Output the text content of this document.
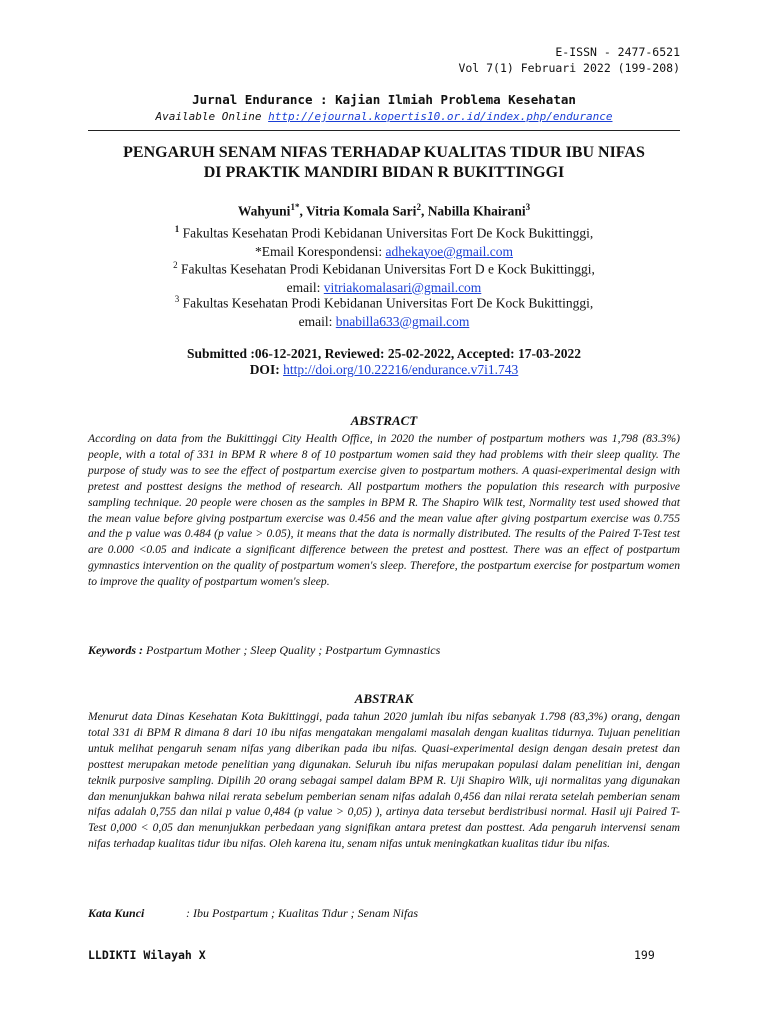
E-ISSN - 2477-6521
Vol 7(1) Februari 2022 (199-208)
Jurnal Endurance : Kajian Ilmiah Problema Kesehatan
Available Online http://ejournal.kopertis10.or.id/index.php/endurance
PENGARUH SENAM NIFAS TERHADAP KUALITAS TIDUR IBU NIFAS
DI PRAKTIK MANDIRI BIDAN R BUKITTINGGI
Wahyuni$^{1*}$, Vitria Komala Sari$^2$, Nabilla Khairani$^3$
$^1$ Fakultas Kesehatan Prodi Kebidanan Universitas Fort De Kock Bukittinggi,
*Email Korespondensi: adhekayoe@gmail.com
$^2$ Fakultas Kesehatan Prodi Kebidanan Universitas Fort D e Kock Bukittinggi,
email: vitriakomalasari@gmail.com
$^3$ Fakultas Kesehatan Prodi Kebidanan Universitas Fort De Kock Bukittinggi,
email: bnabilla633@gmail.com
Submitted :06-12-2021, Reviewed: 25-02-2022, Accepted: 17-03-2022
DOI: http://doi.org/10.22216/endurance.v7i1.743
ABSTRACT
According on data from the Bukittinggi City Health Office, in 2020 the number of postpartum mothers was 1,798 (83.3%) people, with a total of 331 in BPM R where 8 of 10 postpartum women said they had problems with their sleep quality. The purpose of study was to see the effect of postpartum exercise given to postpartum mothers. A quasi-experimental design with pretest and posttest designs the method of research. All postpartum mothers the population this research with purposive sampling technique. 20 people were chosen as the samples in BPM R. The Shapiro Wilk test, Normality test used showed that the mean value before giving postpartum exercise was 0.456 and the mean value after giving postpartum exercise was 0.755 and the p value was 0.484 (p value > 0.05), it means that the data is normally distributed. The results of the Paired T-Test test are 0.000 <0.05 and indicate a significant difference between the pretest and posttest. There was an effect of postpartum gymnastics intervention on the quality of postpartum women's sleep. Therefore, the postpartum exercise for postpartum women to improve the quality of postpartum women's sleep.
Keywords : Postpartum Mother ; Sleep Quality ; Postpartum Gymnastics
ABSTRAK
Menurut data Dinas Kesehatan Kota Bukittinggi, pada tahun 2020 jumlah ibu nifas sebanyak 1.798 (83,3%) orang, dengan total 331 di BPM R dimana 8 dari 10 ibu nifas mengatakan mengalami masalah dengan kualitas tidurnya. Tujuan penelitian untuk melihat pengaruh senam nifas yang diberikan pada ibu nifas. Quasi-experimental design dengan desain pretest dan posttest merupakan metode penelitian yang digunakan. Seluruh ibu nifas merupakan populasi dalam penelitian ini, dengan teknik purposive sampling. Dipilih 20 orang sebagai sampel dalam BPM R. Uji Shapiro Wilk, uji normalitas yang digunakan dan menunjukkan bahwa nilai rerata sebelum pemberian senam nifas adalah 0,456 dan nilai rerata setelah pemberian senam nifas adalah 0,755 dan nilai p value 0,484 (p value > 0,05) ), artinya data tersebut berdistribusi normal. Hasil uji Paired T-Test 0,000 < 0,05 dan menunjukkan perbedaan yang signifikan antara pretest dan posttest. Ada pengaruh intervensi senam nifas terhadap kualitas tidur ibu nifas. Oleh karena itu, senam nifas untuk meningkatkan kualitas tidur ibu nifas.
Kata Kunci	: Ibu Postpartum ; Kualitas Tidur ; Senam Nifas
LLDIKTI Wilayah X	199
